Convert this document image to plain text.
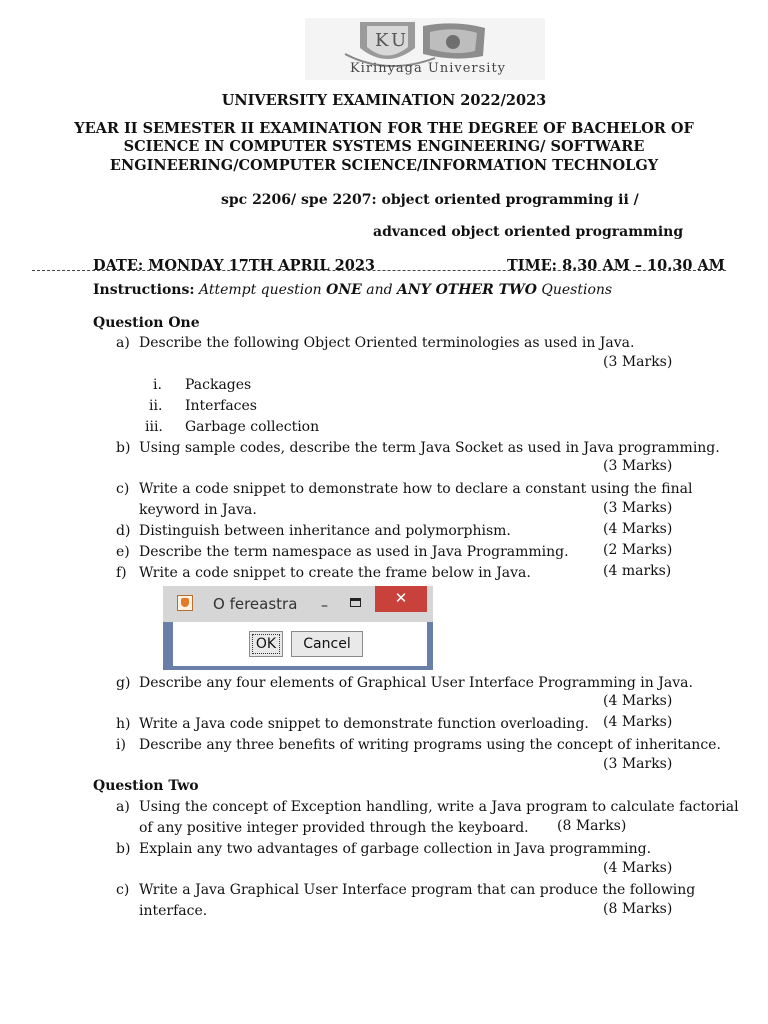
K U
Kirinyaga University
UNIVERSITY EXAMINATION 2022/2023
YEAR II SEMESTER II EXAMINATION FOR THE DEGREE OF BACHELOR OF
SCIENCE IN COMPUTER SYSTEMS ENGINEERING/ SOFTWARE
ENGINEERING/COMPUTER SCIENCE/INFORMATION TECHNOLGY
spc 2206/ spe 2207: object oriented programming ii /
advanced object oriented programming
DATE: MONDAY 17TH APRIL 2023	TIME: 8.30 AM – 10.30 AM
Instructions: Attempt question ONE and ANY OTHER TWO Questions
Question One
a) Describe the following Object Oriented terminologies as used in Java.
(3 Marks)
i. Packages
ii. Interfaces
iii. Garbage collection
b) Using sample codes, describe the term Java Socket as used in Java programming.
(3 Marks)
c) Write a code snippet to demonstrate how to declare a constant using the final
keyword in Java.	(3 Marks)
d) Distinguish between inheritance and polymorphism.	(4 Marks)
e) Describe the term namespace as used in Java Programming. (2 Marks)
f) Write a code snippet to create the frame below in Java.	(4 marks)
O fereastra –	✕
OK	Cancel
g) Describe any four elements of Graphical User Interface Programming in Java.
(4 Marks)
h) Write a Java code snippet to demonstrate function overloading. (4 Marks)
i) Describe any three benefits of writing programs using the concept of inheritance.
(3 Marks)
Question Two
a) Using the concept of Exception handling, write a Java program to calculate factorial
of any positive integer provided through the keyboard. (8 Marks)
b) Explain any two advantages of garbage collection in Java programming.
(4 Marks)
c) Write a Java Graphical User Interface program that can produce the following
interface.	(8 Marks)
